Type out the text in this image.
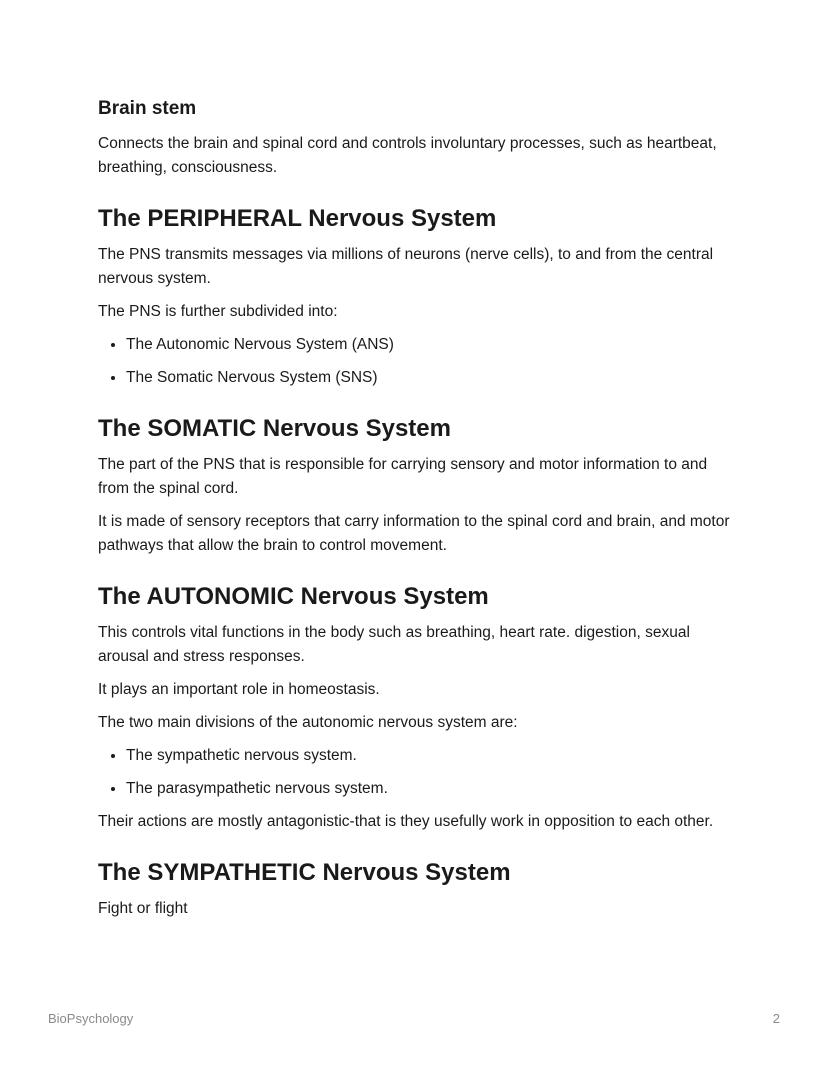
Brain stem

Connects the brain and spinal cord and controls involuntary processes, such as heartbeat, breathing, consciousness.

The PERIPHERAL Nervous System

The PNS transmits messages via millions of neurons (nerve cells), to and from the central nervous system.

The PNS is further subdivided into:

• The Autonomic Nervous System (ANS)
• The Somatic Nervous System (SNS)
The SOMATIC Nervous System

The part of the PNS that is responsible for carrying sensory and motor information to and from the spinal cord.

It is made of sensory receptors that carry information to the spinal cord and brain, and motor pathways that allow the brain to control movement.

The AUTONOMIC Nervous System

This controls vital functions in the body such as breathing, heart rate. digestion, sexual arousal and stress responses.

It plays an important role in homeostasis.

The two main divisions of the autonomic nervous system are:

• The sympathetic nervous system.
• The parasympathetic nervous system.

Their actions are mostly antagonistic-that is they usefully work in opposition to each other.

The SYMPATHETIC Nervous System

Fight or flight

BioPsychology	2
